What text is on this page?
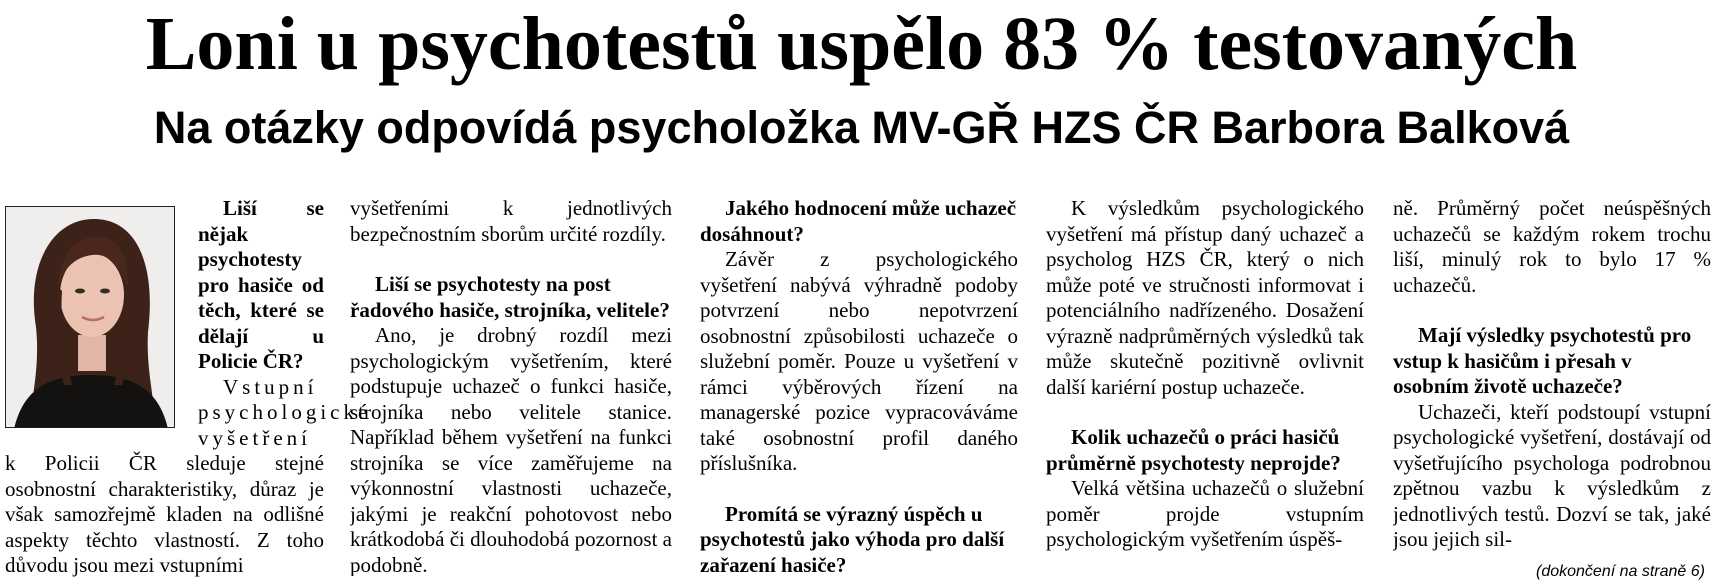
Loni u psychotestů uspělo 83 % testovaných
Na otázky odpovídá psycholožka MV-GŘ HZS ČR Barbora Balková
Liší se nějak psychotesty pro hasiče od těch, které se dělají u Policie ČR?

Vstupní psychologické vyšetření

k Policii ČR sleduje stejné osobnostní charakteristiky, důraz je však samozřejmě kladen na odlišné aspekty těchto vlastností. Z toho důvodu jsou mezi vstupními

vyšetřeními k jednotlivých bezpečnostním sborům určité rozdíly.

Liší se psychotesty na post řadového hasiče, strojníka, velitele?

Ano, je drobný rozdíl mezi psychologickým vyšetřením, které podstupuje uchazeč o funkci hasiče, strojníka nebo velitele stanice. Například během vyšetření na funkci strojníka se více zaměřujeme na výkonnostní vlastnosti uchazeče, jakými je reakční pohotovost nebo krátkodobá či dlouhodobá pozornost a podobně.

Jakého hodnocení může uchazeč dosáhnout?

Závěr z psychologického vyšetření nabývá výhradně podoby potvrzení nebo nepotvrzení osobnostní způsobilosti uchazeče o služební poměr. Pouze u vyšetření v rámci výběrových řízení na managerské pozice vypracováváme také osobnostní profil daného příslušníka.

Promítá se výrazný úspěch u psychotestů jako výhoda pro další zařazení hasiče?

K výsledkům psychologického vyšetření má přístup daný uchazeč a psycholog HZS ČR, který o nich může poté ve stručnosti informovat i potenciálního nadřízeného. Dosažení výrazně nadprůměrných výsledků tak může skutečně pozitivně ovlivnit další kariérní postup uchazeče.

Kolik uchazečů o práci hasičů průměrně psychotesty neprojde?

Velká většina uchazečů o služební poměr projde vstupním psychologickým vyšetřením úspěš-

ně. Průměrný počet neúspěšných uchazečů se každým rokem trochu liší, minulý rok to bylo 17 % uchazečů.

Mají výsledky psychotestů pro vstup k hasičům i přesah v osobním životě uchazeče?

Uchazeči, kteří podstoupí vstupní psychologické vyšetření, dostávají od vyšetřujícího psychologa podrobnou zpětnou vazbu k výsledkům z jednotlivých testů. Dozví se tak, jaké jsou jejich sil-

(dokončení na straně 6)
